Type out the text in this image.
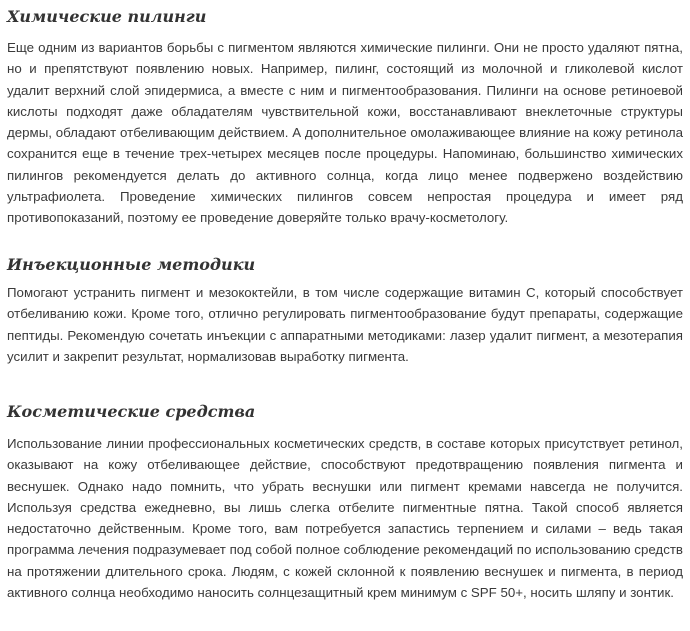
Химические пилинги

Еще одним из вариантов борьбы с пигментом являются химические пилинги. Они не просто удаляют пятна, но и препятствуют появлению новых. Например, пилинг, состоящий из молочной и гликолевой кислот удалит верхний слой эпидермиса, а вместе с ним и пигментообразования. Пилинги на основе ретиноевой кислоты подходят даже обладателям чувствительной кожи, восстанавливают внеклеточные структуры дермы, обладают отбеливающим действием. А дополнительное омолаживающее влияние на кожу ретинола сохранится еще в течение трех-четырех месяцев после процедуры. Напоминаю, большинство химических пилингов рекомендуется делать до активного солнца, когда лицо менее подвержено воздействию ультрафиолета. Проведение химических пилингов совсем непростая процедура и имеет ряд противопоказаний, поэтому ее проведение доверяйте только врачу-косметологу.

Инъекционные методики

Помогают устранить пигмент и мезококтейли, в том числе содержащие витамин С, который способствует отбеливанию кожи. Кроме того, отлично регулировать пигментообразование будут препараты, содержащие пептиды. Рекомендую сочетать инъекции с аппаратными методиками: лазер удалит пигмент, а мезотерапия усилит и закрепит результат, нормализовав выработку пигмента.

Косметические средства

Использование линии профессиональных косметических средств, в составе которых присутствует ретинол, оказывают на кожу отбеливающее действие, способствуют предотвращению появления пигмента и веснушек. Однако надо помнить, что убрать веснушки или пигмент кремами навсегда не получится. Используя средства ежедневно, вы лишь слегка отбелите пигментные пятна. Такой способ является недостаточно действенным. Кроме того, вам потребуется запастись терпением и силами – ведь такая программа лечения подразумевает под собой полное соблюдение рекомендаций по использованию средств на протяжении длительного срока. Людям, с кожей склонной к появлению веснушек и пигмента, в период активного солнца необходимо наносить солнцезащитный крем минимум с SPF 50+, носить шляпу и зонтик.
